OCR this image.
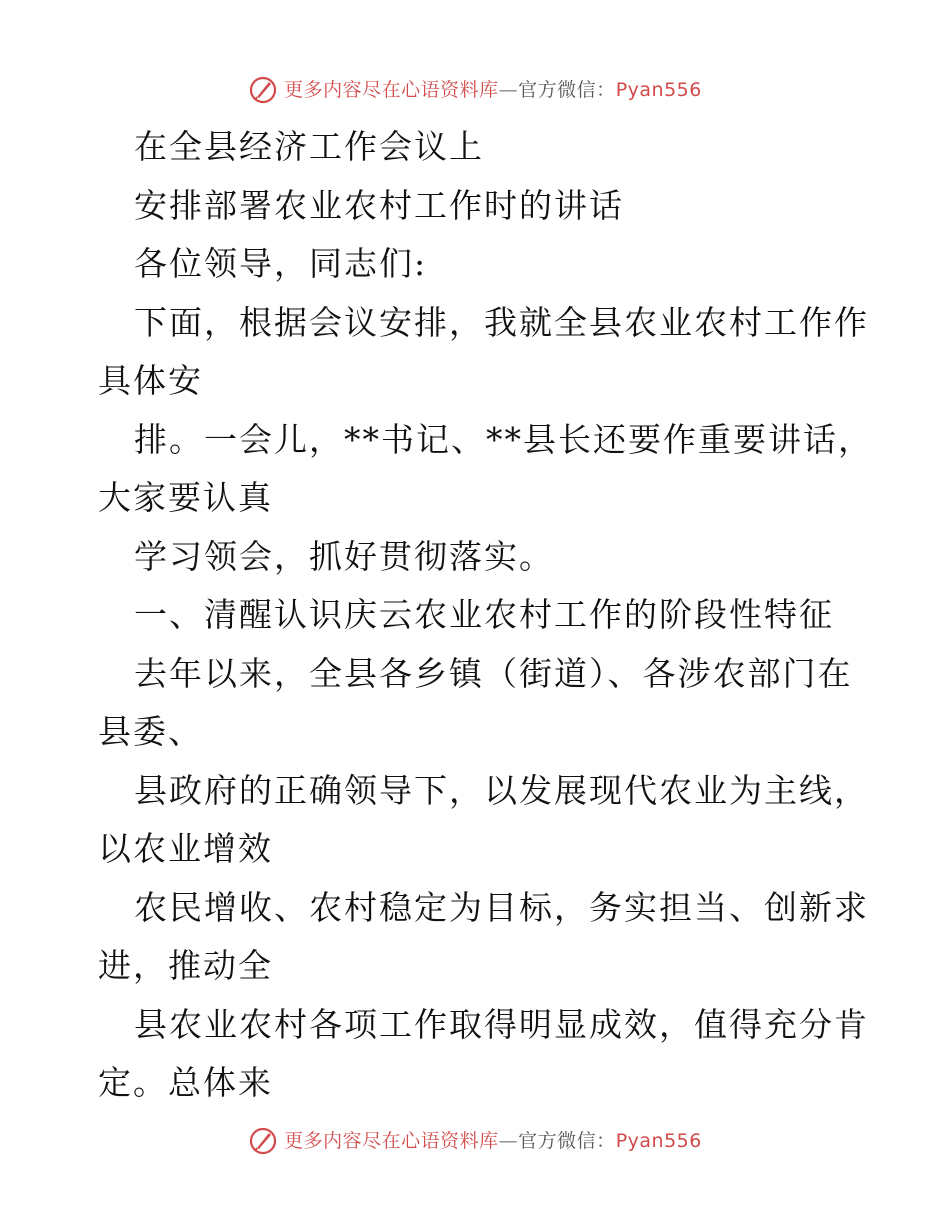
更多内容尽在心语资料库 — 官方微信： Pyan556
在全县经济工作会议上
安排部署农业农村工作时的讲话
各位领导，同志们:
下面，根据会议安排，我就全县农业农村工作作
具体安
排。一会儿，**书记、**县长还要作重要讲话，
大家要认真
学习领会，抓好贯彻落实。
一、清醒认识庆云农业农村工作的阶段性特征
去年以来，全县各乡镇（街道）、各涉农部门在
县委、
县政府的正确领导下，以发展现代农业为主线，
以农业增效
农民增收、农村稳定为目标，务实担当、创新求
进，推动全
县农业农村各项工作取得明显成效，值得充分肯
定。总体来
更多内容尽在心语资料库 — 官方微信： Pyan556
